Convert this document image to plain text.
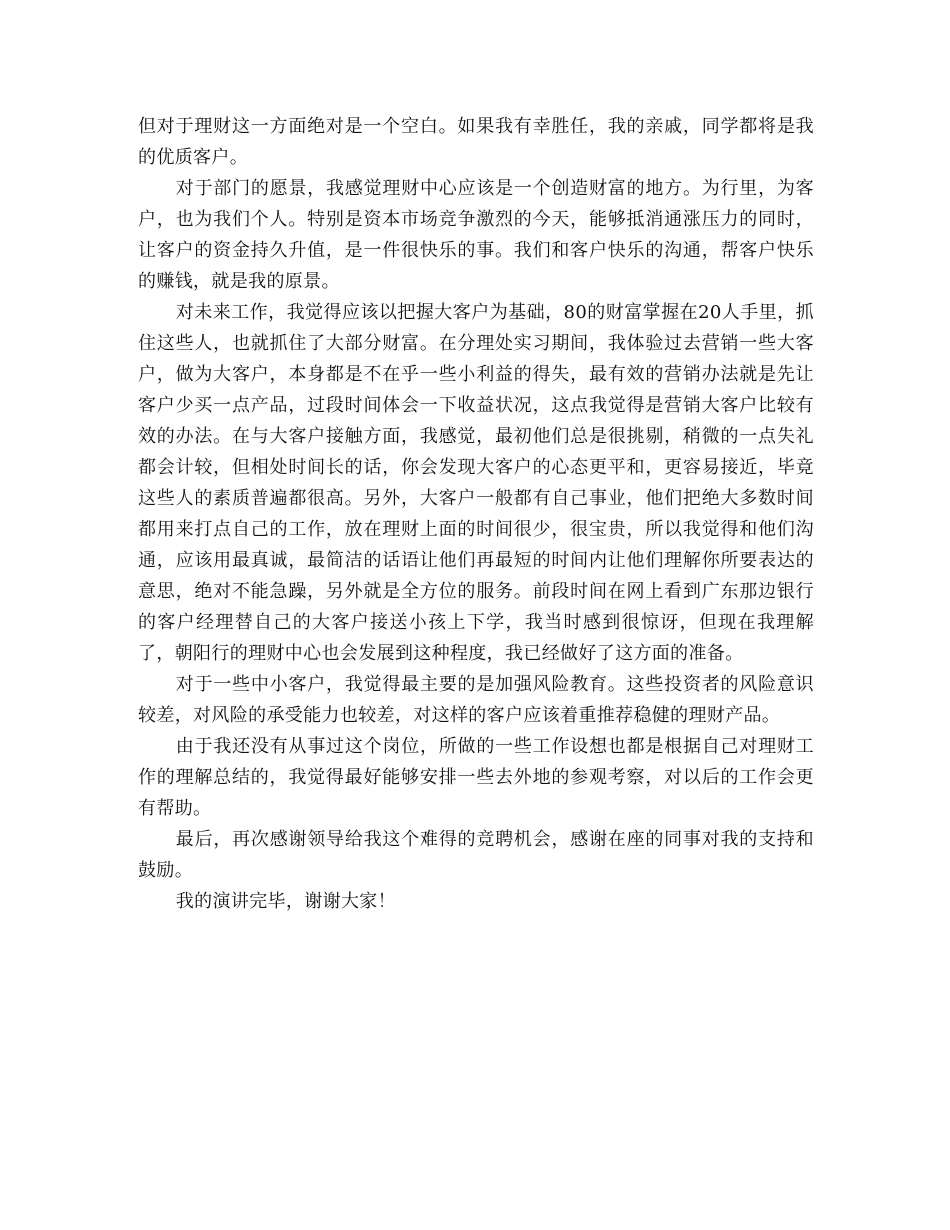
但对于理财这一方面绝对是一个空白。如果我有幸胜任，我的亲戚，同学都将是我的优质客户。

对于部门的愿景，我感觉理财中心应该是一个创造财富的地方。为行里，为客户，也为我们个人。特别是资本市场竞争激烈的今天，能够抵消通涨压力的同时，让客户的资金持久升值，是一件很快乐的事。我们和客户快乐的沟通，帮客户快乐的赚钱，就是我的原景。

对未来工作，我觉得应该以把握大客户为基础，80的财富掌握在20人手里，抓住这些人，也就抓住了大部分财富。在分理处实习期间，我体验过去营销一些大客户，做为大客户，本身都是不在乎一些小利益的得失，最有效的营销办法就是先让客户少买一点产品，过段时间体会一下收益状况，这点我觉得是营销大客户比较有效的办法。在与大客户接触方面，我感觉，最初他们总是很挑剔，稍微的一点失礼都会计较，但相处时间长的话，你会发现大客户的心态更平和，更容易接近，毕竟这些人的素质普遍都很高。另外，大客户一般都有自己事业，他们把绝大多数时间都用来打点自己的工作，放在理财上面的时间很少，很宝贵，所以我觉得和他们沟通，应该用最真诚，最简洁的话语让他们再最短的时间内让他们理解你所要表达的意思，绝对不能急躁，另外就是全方位的服务。前段时间在网上看到广东那边银行的客户经理替自己的大客户接送小孩上下学，我当时感到很惊讶，但现在我理解了，朝阳行的理财中心也会发展到这种程度，我已经做好了这方面的准备。

对于一些中小客户，我觉得最主要的是加强风险教育。这些投资者的风险意识较差，对风险的承受能力也较差，对这样的客户应该着重推荐稳健的理财产品。

由于我还没有从事过这个岗位，所做的一些工作设想也都是根据自己对理财工作的理解总结的，我觉得最好能够安排一些去外地的参观考察，对以后的工作会更有帮助。

最后，再次感谢领导给我这个难得的竞聘机会，感谢在座的同事对我的支持和鼓励。

我的演讲完毕，谢谢大家！
